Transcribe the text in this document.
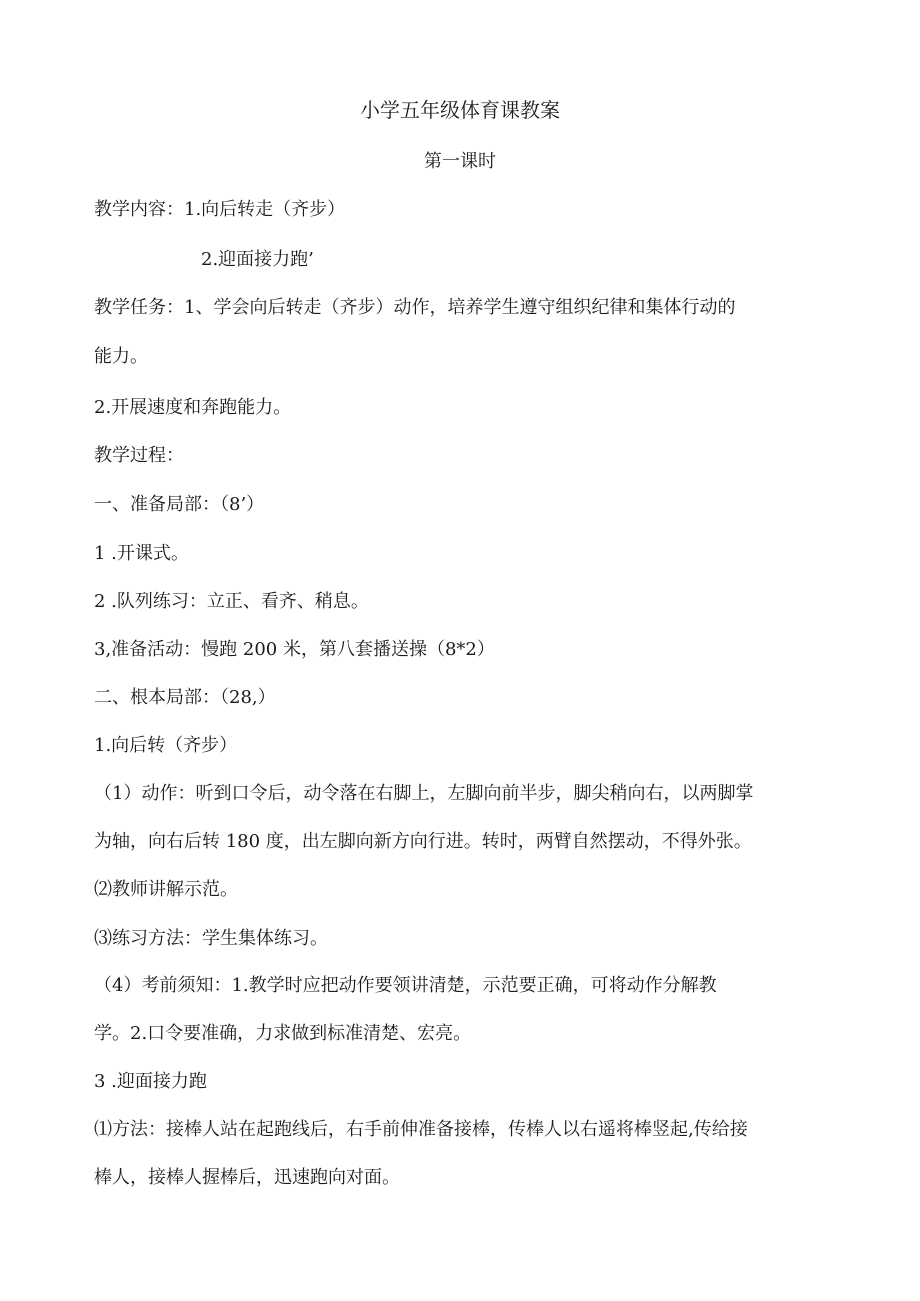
小学五年级体育课教案
第一课时
教学内容：1.向后转走（齐步）
2.迎面接力跑’
教学任务：1、学会向后转走（齐步）动作，培养学生遵守组织纪律和集体行动的
能力。
2.开展速度和奔跑能力。
教学过程：
一、准备局部：（8’）
1 .开课式。
2 .队列练习：立正、看齐、稍息。
3,准备活动：慢跑 200 米，第八套播送操（8*2）
二、根本局部：（28,）
1.向后转（齐步）
（1）动作：听到口令后，动令落在右脚上，左脚向前半步，脚尖稍向右，以两脚掌
为轴，向右后转 180 度，出左脚向新方向行进。转时，两臂自然摆动，不得外张。
⑵教师讲解示范。
⑶练习方法：学生集体练习。
（4）考前须知：1.教学时应把动作要领讲清楚，示范要正确，可将动作分解教
学。2.口令要准确，力求做到标准清楚、宏亮。
3 .迎面接力跑
⑴方法：接棒人站在起跑线后，右手前伸准备接棒，传棒人以右遥将棒竖起,传给接
棒人，接棒人握棒后，迅速跑向对面。
